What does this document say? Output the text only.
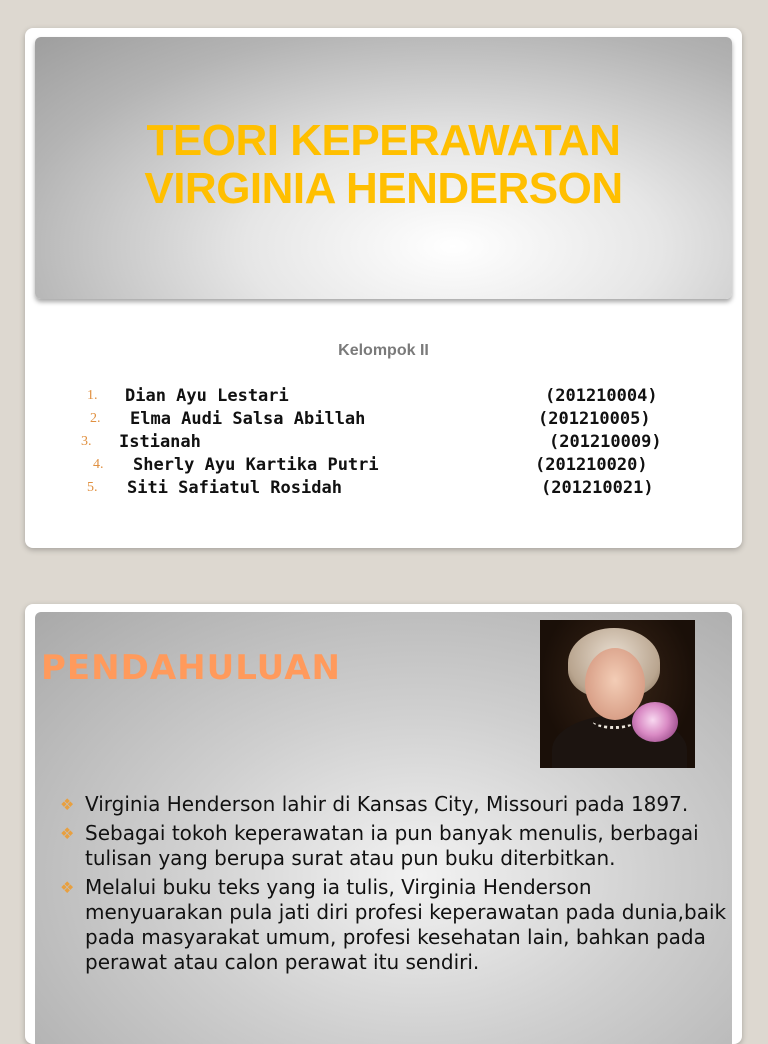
TEORI KEPERAWATAN
VIRGINIA HENDERSON
Kelompok II
1. Dian Ayu Lestari	(201210004)
2. Elma Audi Salsa Abillah	(201210005)
3. Istianah	(201210009)
4. Sherly Ayu Kartika Putri	(201210020)
5. Siti Safiatul Rosidah	(201210021)
PENDAHULUAN
❖ Virginia Henderson lahir di Kansas City, Missouri pada 1897.
❖ Sebagai tokoh keperawatan ia pun banyak menulis, berbagai tulisan yang berupa surat atau pun buku diterbitkan.
❖ Melalui buku teks yang ia tulis, Virginia Henderson menyuarakan pula jati diri profesi keperawatan pada dunia,baik pada masyarakat umum, profesi kesehatan lain, bahkan pada perawat atau calon perawat itu sendiri.
